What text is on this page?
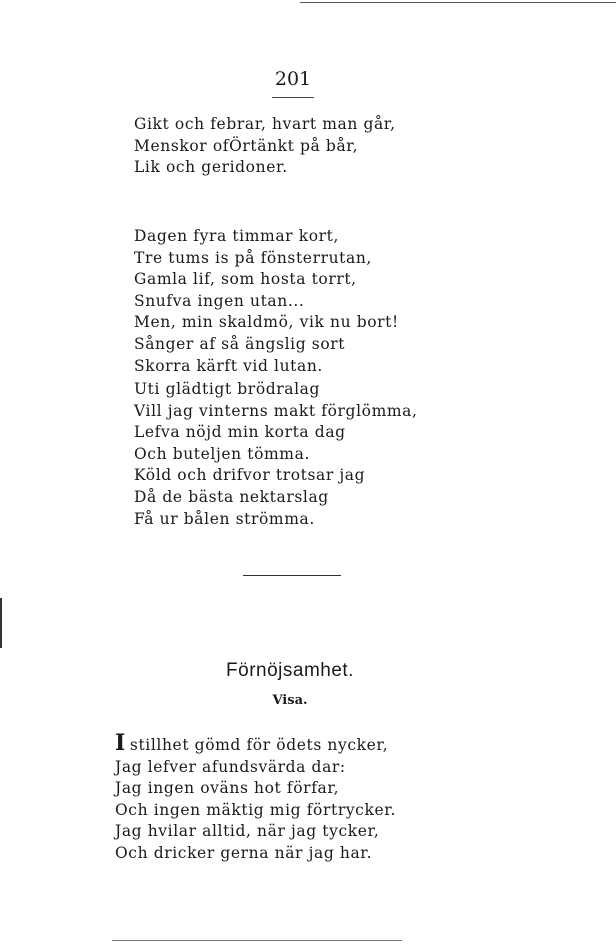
201
Gikt och febrar, hvart man går,
Menskor ofÖrtänkt på bår,
Lik och geridoner.
Dagen fyra timmar kort,
Tre tums is på fönsterrutan,
Gamla lif, som hosta torrt,
Snufva ingen utan...
Men, min skaldmö, vik nu bort!
Sånger af så ängslig sort
Skorra kärft vid lutan.
Uti glädtigt brödralag
Vill jag vinterns makt förglömma,
Lefva nöjd min korta dag
Och buteljen tömma.
Köld och drifvor trotsar jag
Då de bästa nektarslag
Få ur bålen strömma.
Förnöjsamhet.
Visa.
I stillhet gömd för ödets nycker,
Jag lefver afundsvärda dar:
Jag ingen oväns hot förfar,
Och ingen mäktig mig förtrycker.
Jag hvilar alltid, när jag tycker,
Och dricker gerna när jag har.
